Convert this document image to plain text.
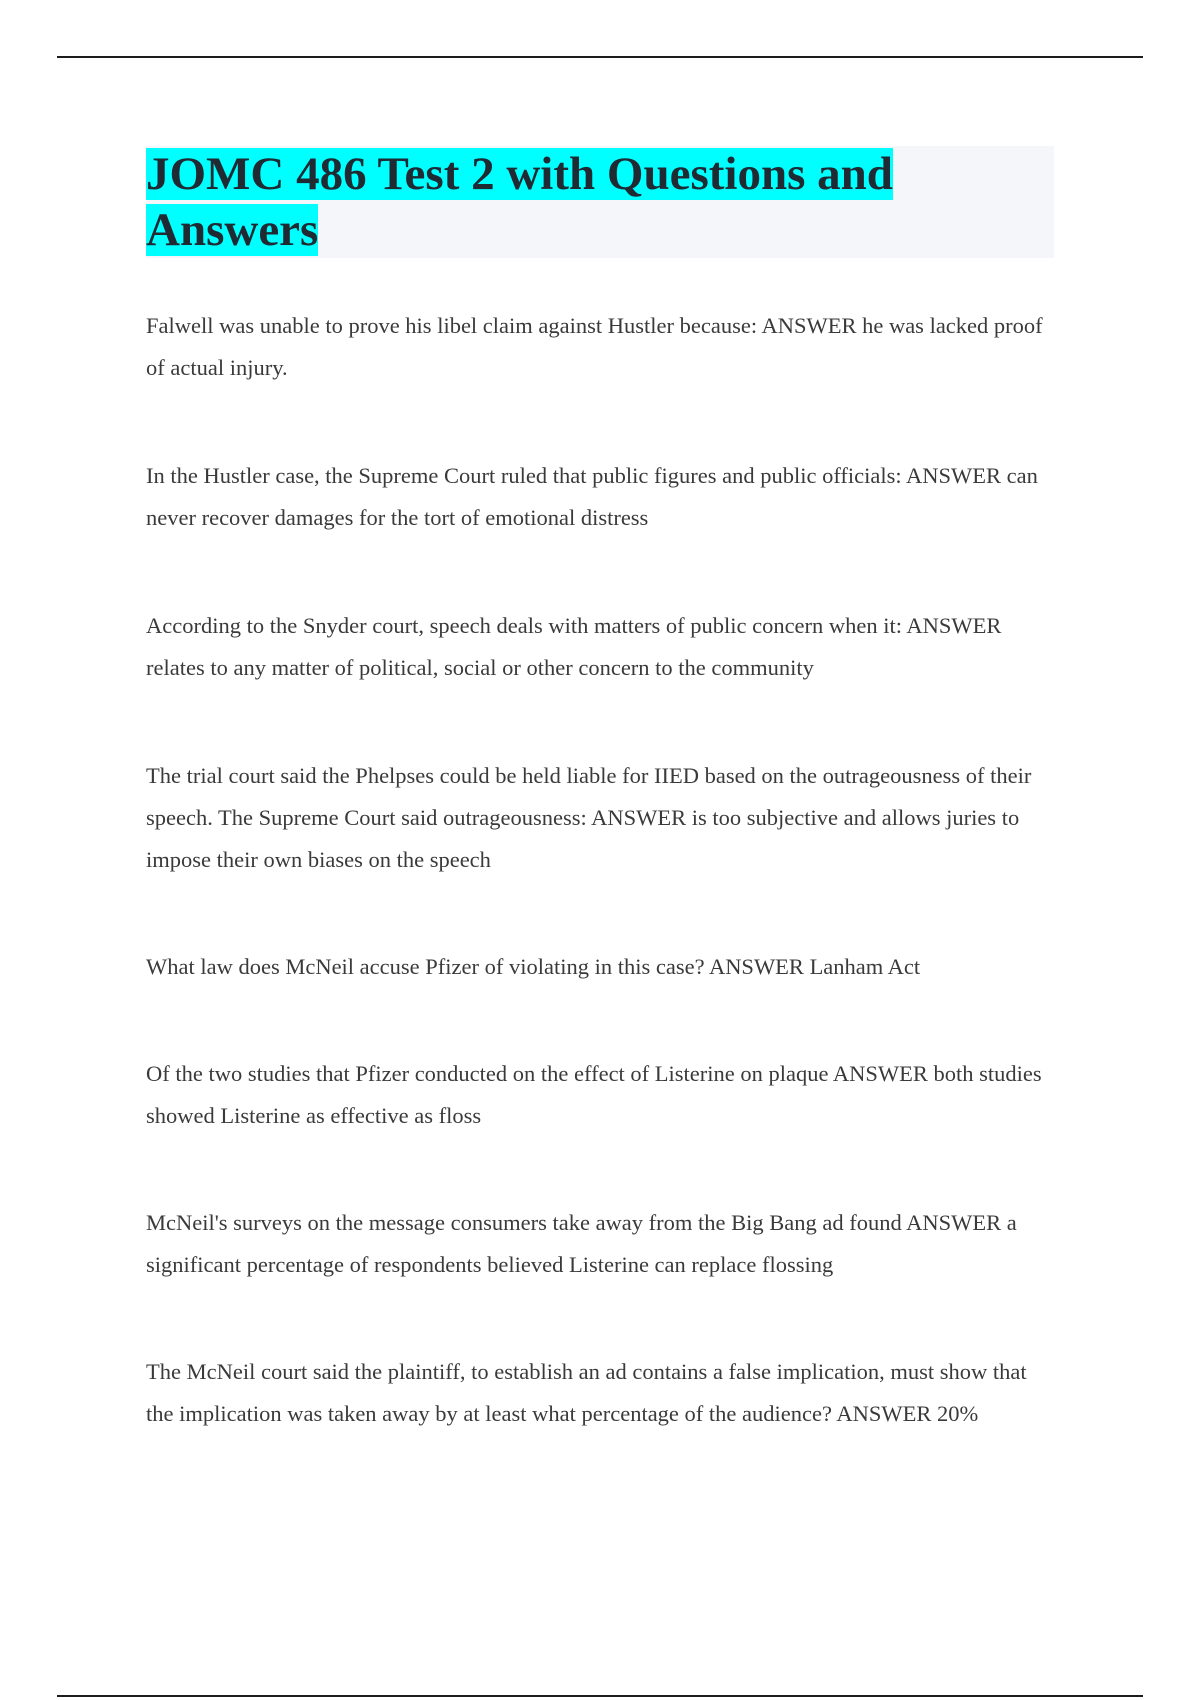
JOMC 486 Test 2 with Questions and Answers

Falwell was unable to prove his libel claim against Hustler because: ANSWER he was lacked proof of actual injury.

In the Hustler case, the Supreme Court ruled that public figures and public officials: ANSWER can never recover damages for the tort of emotional distress

According to the Snyder court, speech deals with matters of public concern when it: ANSWER relates to any matter of political, social or other concern to the community

The trial court said the Phelpses could be held liable for IIED based on the outrageousness of their speech. The Supreme Court said outrageousness: ANSWER is too subjective and allows juries to impose their own biases on the speech

What law does McNeil accuse Pfizer of violating in this case? ANSWER Lanham Act

Of the two studies that Pfizer conducted on the effect of Listerine on plaque ANSWER both studies showed Listerine as effective as floss

McNeil's surveys on the message consumers take away from the Big Bang ad found ANSWER a significant percentage of respondents believed Listerine can replace flossing

The McNeil court said the plaintiff, to establish an ad contains a false implication, must show that the implication was taken away by at least what percentage of the audience? ANSWER 20%
